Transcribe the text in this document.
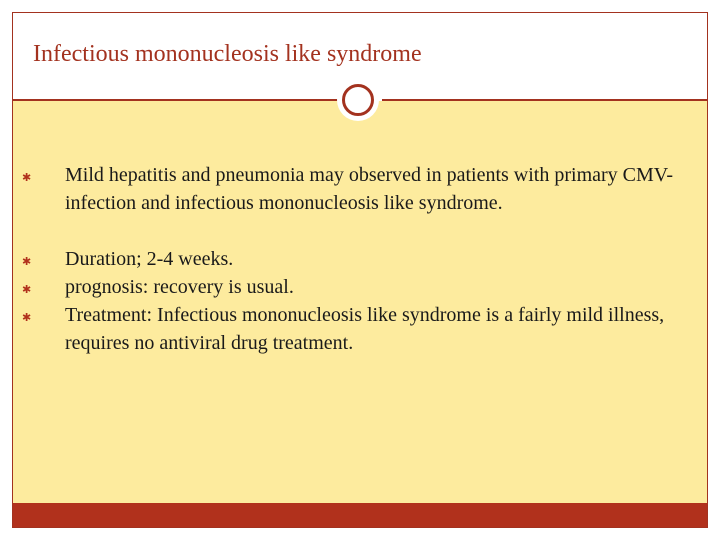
Infectious mononucleosis like syndrome
✱ Mild hepatitis and pneumonia may observed in patients with primary CMV-infection and infectious mononucleosis like syndrome.
✱ Duration; 2-4 weeks.
✱ prognosis: recovery is usual.
✱ Treatment: Infectious mononucleosis like syndrome is a fairly mild illness, requires no antiviral drug treatment.
